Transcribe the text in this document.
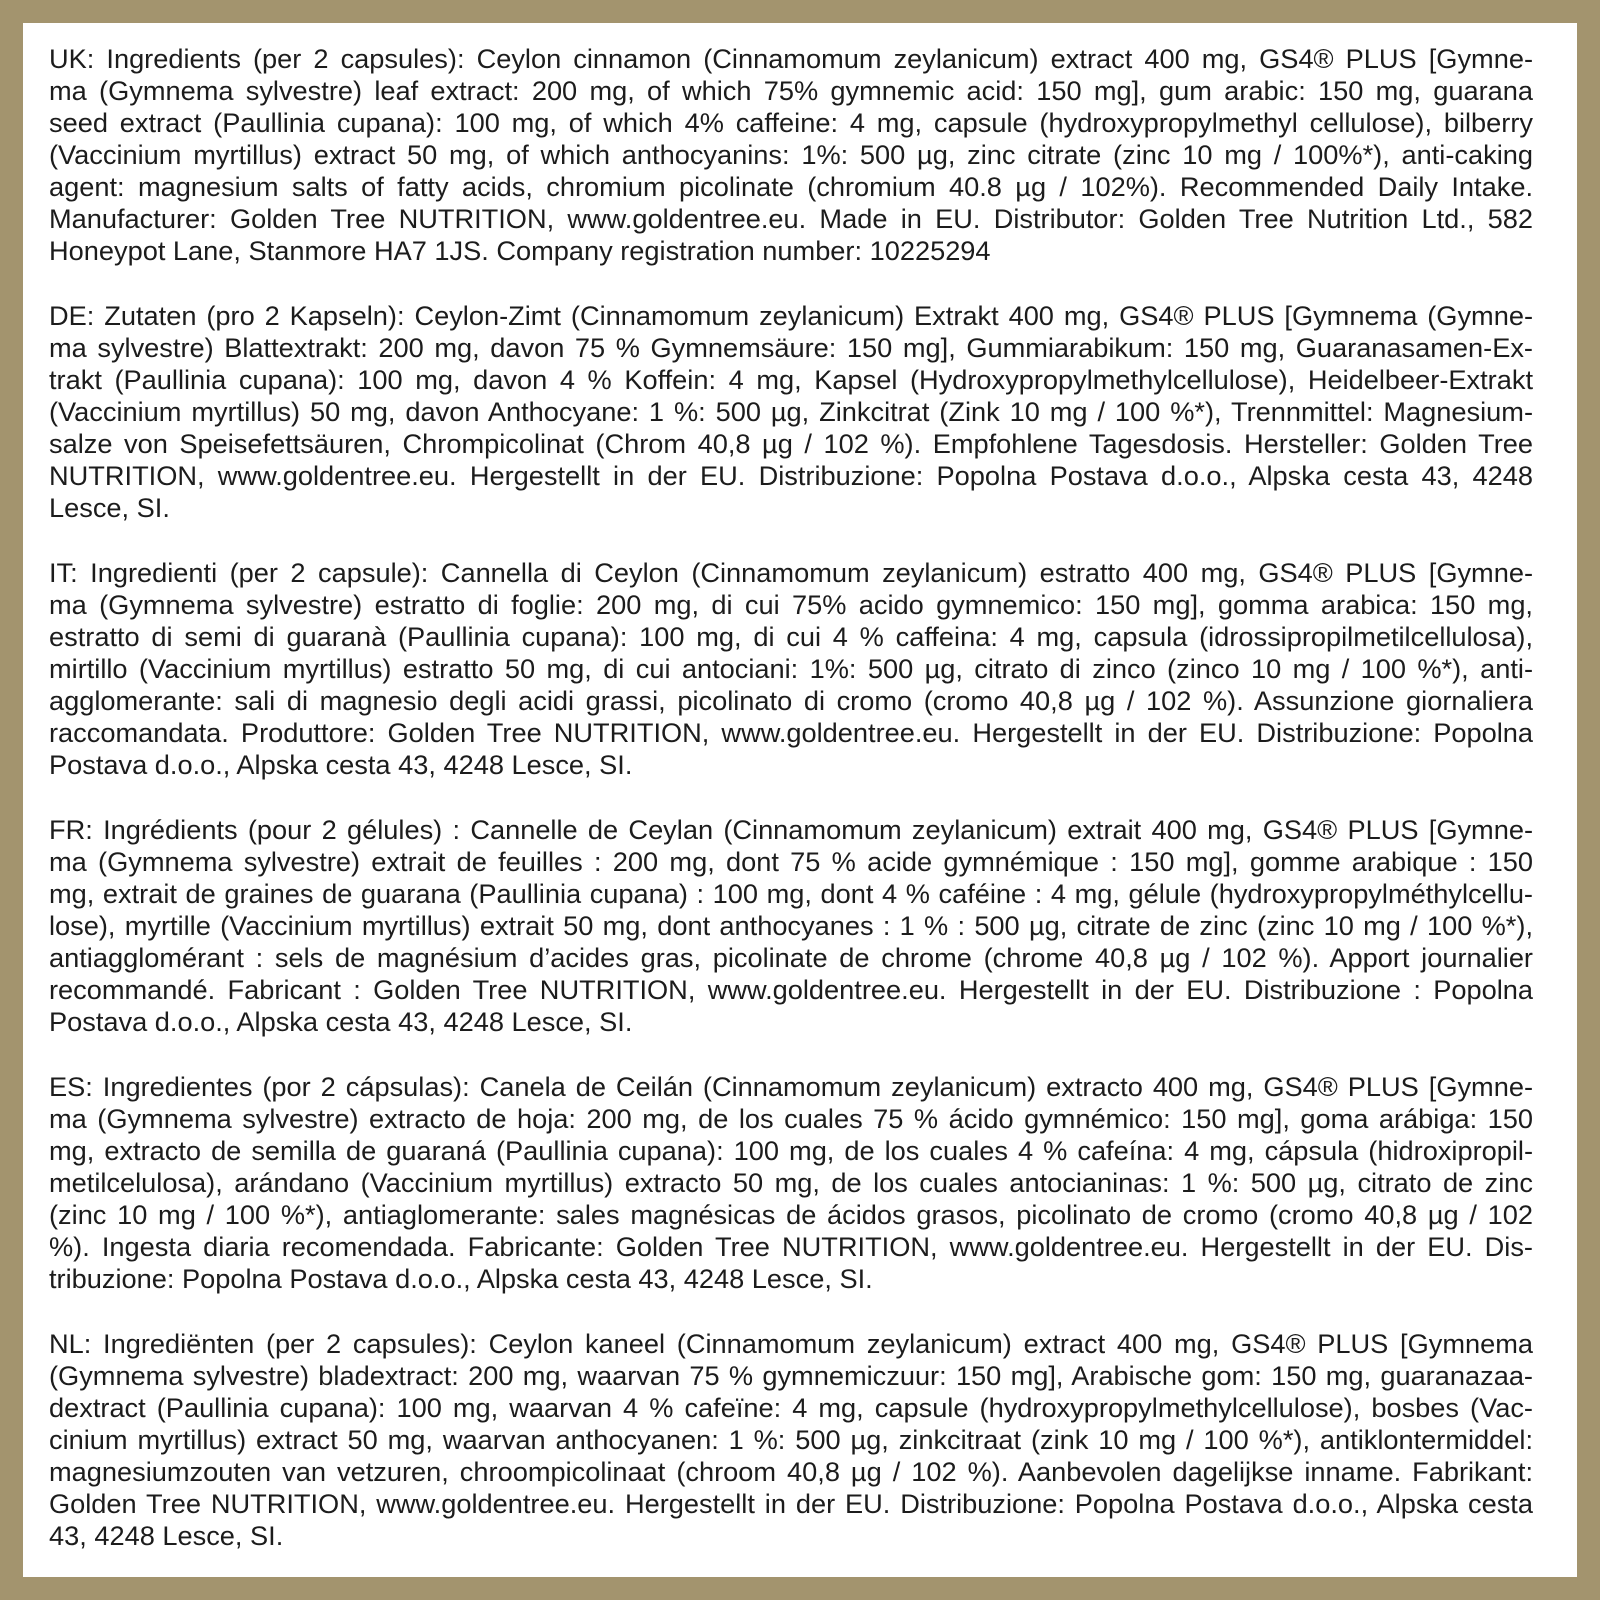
UK: Ingredients (per 2 capsules): Ceylon cinnamon (Cinnamomum zeylanicum) extract 400 mg, GS4® PLUS [Gymne-
ma (Gymnema sylvestre) leaf extract: 200 mg, of which 75% gymnemic acid: 150 mg], gum arabic: 150 mg, guarana
seed extract (Paullinia cupana): 100 mg, of which 4% caffeine: 4 mg, capsule (hydroxypropylmethyl cellulose), bilberry
(Vaccinium myrtillus) extract 50 mg, of which anthocyanins: 1%: 500 µg, zinc citrate (zinc 10 mg / 100%*), anti-caking
agent: magnesium salts of fatty acids, chromium picolinate (chromium 40.8 µg / 102%). Recommended Daily Intake.
Manufacturer: Golden Tree NUTRITION, www.goldentree.eu. Made in EU. Distributor: Golden Tree Nutrition Ltd., 582
Honeypot Lane, Stanmore HA7 1JS. Company registration number: 10225294

DE: Zutaten (pro 2 Kapseln): Ceylon-Zimt (Cinnamomum zeylanicum) Extrakt 400 mg, GS4® PLUS [Gymnema (Gymne-
ma sylvestre) Blattextrakt: 200 mg, davon 75 % Gymnemsäure: 150 mg], Gummiarabikum: 150 mg, Guaranasamen-Ex-
trakt (Paullinia cupana): 100 mg, davon 4 % Koffein: 4 mg, Kapsel (Hydroxypropylmethylcellulose), Heidelbeer-Extrakt
(Vaccinium myrtillus) 50 mg, davon Anthocyane: 1 %: 500 µg, Zinkcitrat (Zink 10 mg / 100 %*), Trennmittel: Magnesium-
salze von Speisefettsäuren, Chrompicolinat (Chrom 40,8 µg / 102 %). Empfohlene Tagesdosis. Hersteller: Golden Tree
NUTRITION, www.goldentree.eu. Hergestellt in der EU. Distribuzione: Popolna Postava d.o.o., Alpska cesta 43, 4248
Lesce, SI.

IT: Ingredienti (per 2 capsule): Cannella di Ceylon (Cinnamomum zeylanicum) estratto 400 mg, GS4® PLUS [Gymne-
ma (Gymnema sylvestre) estratto di foglie: 200 mg, di cui 75% acido gymnemico: 150 mg], gomma arabica: 150 mg,
estratto di semi di guaranà (Paullinia cupana): 100 mg, di cui 4 % caffeina: 4 mg, capsula (idrossipropilmetilcellulosa),
mirtillo (Vaccinium myrtillus) estratto 50 mg, di cui antociani: 1%: 500 µg, citrato di zinco (zinco 10 mg / 100 %*), anti-
agglomerante: sali di magnesio degli acidi grassi, picolinato di cromo (cromo 40,8 µg / 102 %). Assunzione giornaliera
raccomandata. Produttore: Golden Tree NUTRITION, www.goldentree.eu. Hergestellt in der EU. Distribuzione: Popolna
Postava d.o.o., Alpska cesta 43, 4248 Lesce, SI.

FR: Ingrédients (pour 2 gélules) : Cannelle de Ceylan (Cinnamomum zeylanicum) extrait 400 mg, GS4® PLUS [Gymne-
ma (Gymnema sylvestre) extrait de feuilles : 200 mg, dont 75 % acide gymnémique : 150 mg], gomme arabique : 150
mg, extrait de graines de guarana (Paullinia cupana) : 100 mg, dont 4 % caféine : 4 mg, gélule (hydroxypropylméthylcellu-
lose), myrtille (Vaccinium myrtillus) extrait 50 mg, dont anthocyanes : 1 % : 500 µg, citrate de zinc (zinc 10 mg / 100 %*),
antiagglomérant : sels de magnésium d’acides gras, picolinate de chrome (chrome 40,8 µg / 102 %). Apport journalier
recommandé. Fabricant : Golden Tree NUTRITION, www.goldentree.eu. Hergestellt in der EU. Distribuzione : Popolna
Postava d.o.o., Alpska cesta 43, 4248 Lesce, SI.

ES: Ingredientes (por 2 cápsulas): Canela de Ceilán (Cinnamomum zeylanicum) extracto 400 mg, GS4® PLUS [Gymne-
ma (Gymnema sylvestre) extracto de hoja: 200 mg, de los cuales 75 % ácido gymnémico: 150 mg], goma arábiga: 150
mg, extracto de semilla de guaraná (Paullinia cupana): 100 mg, de los cuales 4 % cafeína: 4 mg, cápsula (hidroxipropil-
metilcelulosa), arándano (Vaccinium myrtillus) extracto 50 mg, de los cuales antocianinas: 1 %: 500 µg, citrato de zinc
(zinc 10 mg / 100 %*), antiaglomerante: sales magnésicas de ácidos grasos, picolinato de cromo (cromo 40,8 µg / 102
%). Ingesta diaria recomendada. Fabricante: Golden Tree NUTRITION, www.goldentree.eu. Hergestellt in der EU. Dis-
tribuzione: Popolna Postava d.o.o., Alpska cesta 43, 4248 Lesce, SI.

NL: Ingrediënten (per 2 capsules): Ceylon kaneel (Cinnamomum zeylanicum) extract 400 mg, GS4® PLUS [Gymnema
(Gymnema sylvestre) bladextract: 200 mg, waarvan 75 % gymnemiczuur: 150 mg], Arabische gom: 150 mg, guaranazaa-
dextract (Paullinia cupana): 100 mg, waarvan 4 % cafeïne: 4 mg, capsule (hydroxypropylmethylcellulose), bosbes (Vac-
cinium myrtillus) extract 50 mg, waarvan anthocyanen: 1 %: 500 µg, zinkcitraat (zink 10 mg / 100 %*), antiklontermiddel:
magnesiumzouten van vetzuren, chroompicolinaat (chroom 40,8 µg / 102 %). Aanbevolen dagelijkse inname. Fabrikant:
Golden Tree NUTRITION, www.goldentree.eu. Hergestellt in der EU. Distribuzione: Popolna Postava d.o.o., Alpska cesta
43, 4248 Lesce, SI.
